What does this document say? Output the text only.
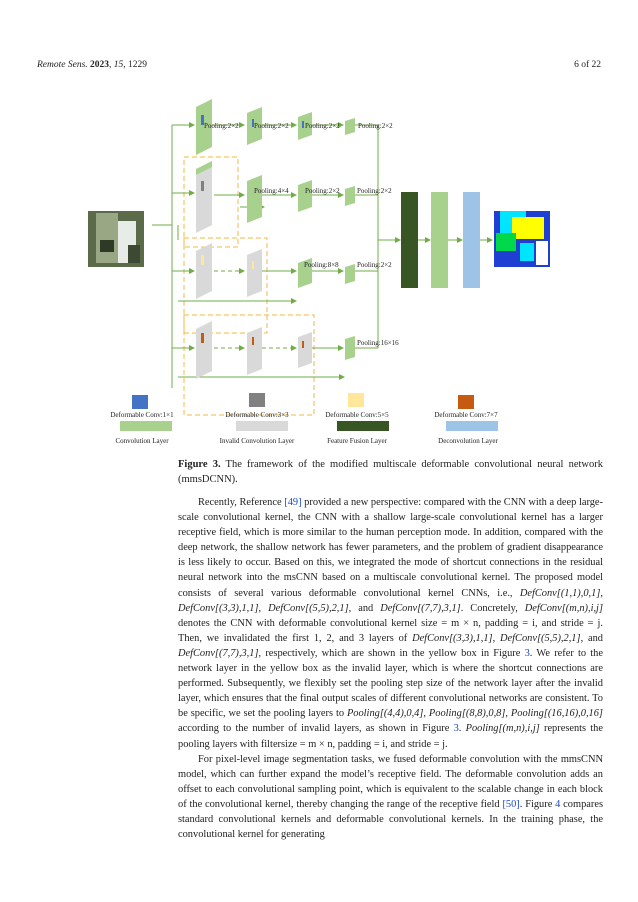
Remote Sens. 2023, 15, 1229	6 of 22
Pooling:2×2 Pooling:2×2 Pooling:2×2	Pooling:2×2
Pooling:4×4 Pooling:2×2 Pooling:2×2
Pooling:8×8	Pooling:2×2
Pooling:16×16
Deformable Conv:1×1	Deformable Conv:3×3	Deformable Conv:5×5	Deformable Conv:7×7
Convolution Layer	Invalid Convolution Layer	Feature Fusion Layer	Deconvolution Layer
Figure 3. The framework of the modified multiscale deformable convolutional neural network (mmsDCNN).

Recently, Reference [49] provided a new perspective: compared with the CNN with a deep large-scale convolutional kernel, the CNN with a shallow large-scale convolutional kernel has a larger receptive field, which is more similar to the human perception mode. In addition, compared with the deep network, the shallow network has fewer parameters, and the problem of gradient disappearance is less likely to occur. Based on this, we integrated the mode of shortcut connections in the residual neural network into the msCNN based on a multiscale convolutional kernel. The proposed model consists of several various deformable convolutional kernel CNNs, i.e., DefConv[(1,1),0,1], DefConv[(3,3),1,1], DefConv[(5,5),2,1], and DefConv[(7,7),3,1]. Concretely, DefConv[(m,n),i,j] denotes the CNN with deformable convolutional kernel size = m × n, padding = i, and stride = j. Then, we invalidated the first 1, 2, and 3 layers of DefConv[(3,3),1,1], DefConv[(5,5),2,1], and DefConv[(7,7),3,1], respectively, which are shown in the yellow box in Figure 3. We refer to the network layer in the yellow box as the invalid layer, which is where the shortcut connections are performed. Subsequently, we flexibly set the pooling step size of the network layer after the invalid layer, which ensures that the final output scales of different convolutional networks are consistent. To be specific, we set the pooling layers to Pooling[(4,4),0,4], Pooling[(8,8),0,8], Pooling[(16,16),0,16] according to the number of invalid layers, as shown in Figure 3. Pooling[(m,n),i,j] represents the pooling layers with filtersize = m × n, padding = i, and stride = j.

For pixel-level image segmentation tasks, we fused deformable convolution with the mmsCNN model, which can further expand the model’s receptive field. The deformable convolution adds an offset to each convolutional sampling point, which is equivalent to the scalable change in each block of the convolutional kernel, thereby changing the range of the receptive field [50]. Figure 4 compares standard convolutional kernels and deformable convolutional kernels. In the training phase, the convolutional kernel for generating
